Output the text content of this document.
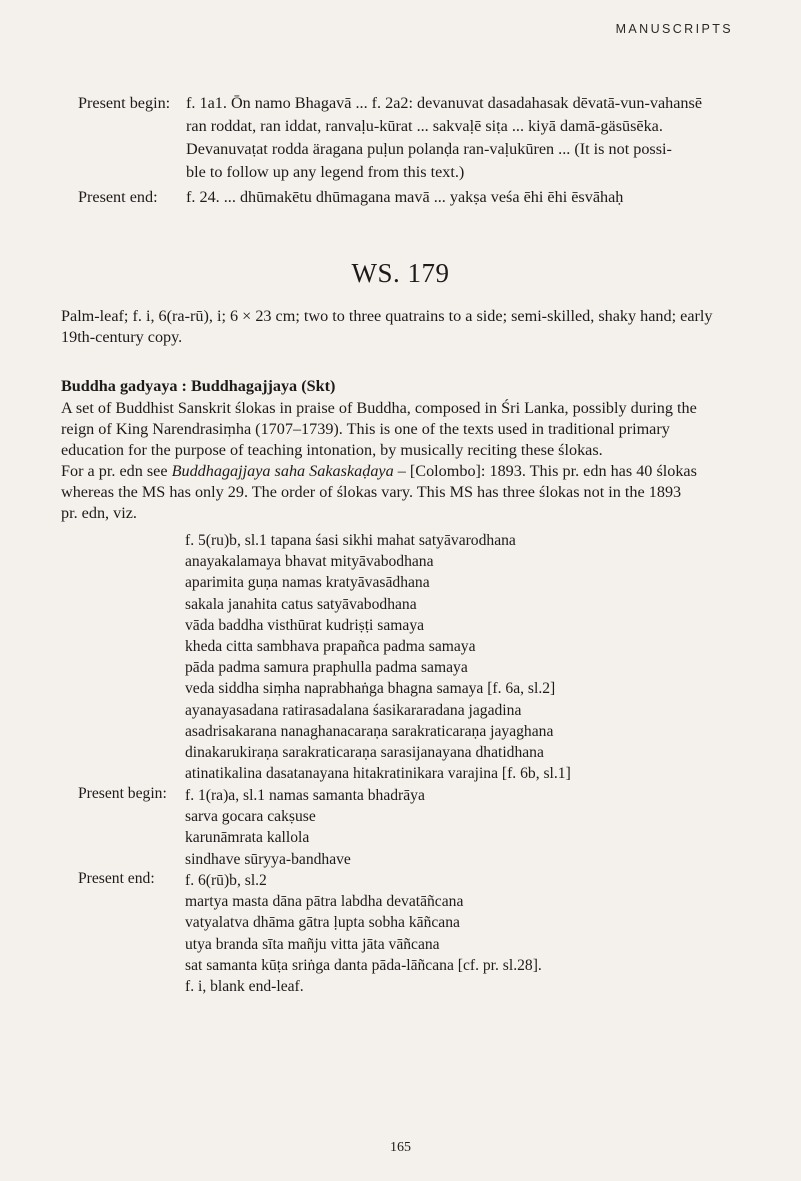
MANUSCRIPTS
Present begin: f. 1a1. Ōn namo Bhagavā ... f. 2a2: devanuvat dasadahasak dēvatā-vun-vahansē
ran roddat, ran iddat, ranvaḷu-kūrat ... sakvaḷē siṭa ... kiyā damā-gäsūsēka.
Devanuvaṭat rodda äragana puḷun polanḍa ran-vaḷukūren ... (It is not possi-
ble to follow up any legend from this text.)
Present end:	f. 24. ... dhūmakētu dhūmagana mavā ... yakṣa veśa ēhi ēhi ēsvāhaḥ
WS. 179
Palm-leaf; f. i, 6(ra-rū), i; 6 × 23 cm; two to three quatrains to a side; semi-skilled, shaky hand; early
19th-century copy.
Buddha gadyaya : Buddhagajjaya (Skt)
A set of Buddhist Sanskrit ślokas in praise of Buddha, composed in Śri Lanka, possibly during the
reign of King Narendrasiṃha (1707–1739). This is one of the texts used in traditional primary
education for the purpose of teaching intonation, by musically reciting these ślokas.
For a pr. edn see Buddhagajjaya saha Sakaskaḍaya – [Colombo]: 1893. This pr. edn has 40 ślokas
whereas the MS has only 29. The order of ślokas vary. This MS has three ślokas not in the 1893
pr. edn, viz.
f. 5(ru)b, sl.1 tapana śasi sikhi mahat satyāvarodhana
anayakalamaya bhavat mityāvabodhana
aparimita guṇa namas kratyāvasādhana
sakala janahita catus satyāvabodhana
vāda baddha visthūrat kudriṣṭi samaya
kheda citta sambhava prapañca padma samaya
pāda padma samura praphulla padma samaya
veda siddha siṃha naprabhaṅga bhagna samaya [f. 6a, sl.2]
ayanayasadana ratirasadalana śasikararadana jagadina
asadrisakarana nanaghanacaraṇa sarakraticaraṇa jayaghana
dinakarukiraṇa sarakraticaraṇa sarasijanayana dhatidhana
atinatikalina dasatanayana hitakratinikara varajina [f. 6b, sl.1]
Present begin: f. 1(ra)a, sl.1 namas samanta bhadrāya
sarva gocara cakṣuse
karunāmrata kallola
sindhave sūryya-bandhave
Present end: f. 6(rū)b, sl.2
martya masta dāna pātra labdha devatāñcana
vatyalatva dhāma gātra ḷupta sobha kāñcana
utya branda sīta mañju vitta jāta vāñcana
sat samanta kūṭa sriṅga danta pāda-lāñcana [cf. pr. sl.28].
f. i, blank end-leaf.
165
